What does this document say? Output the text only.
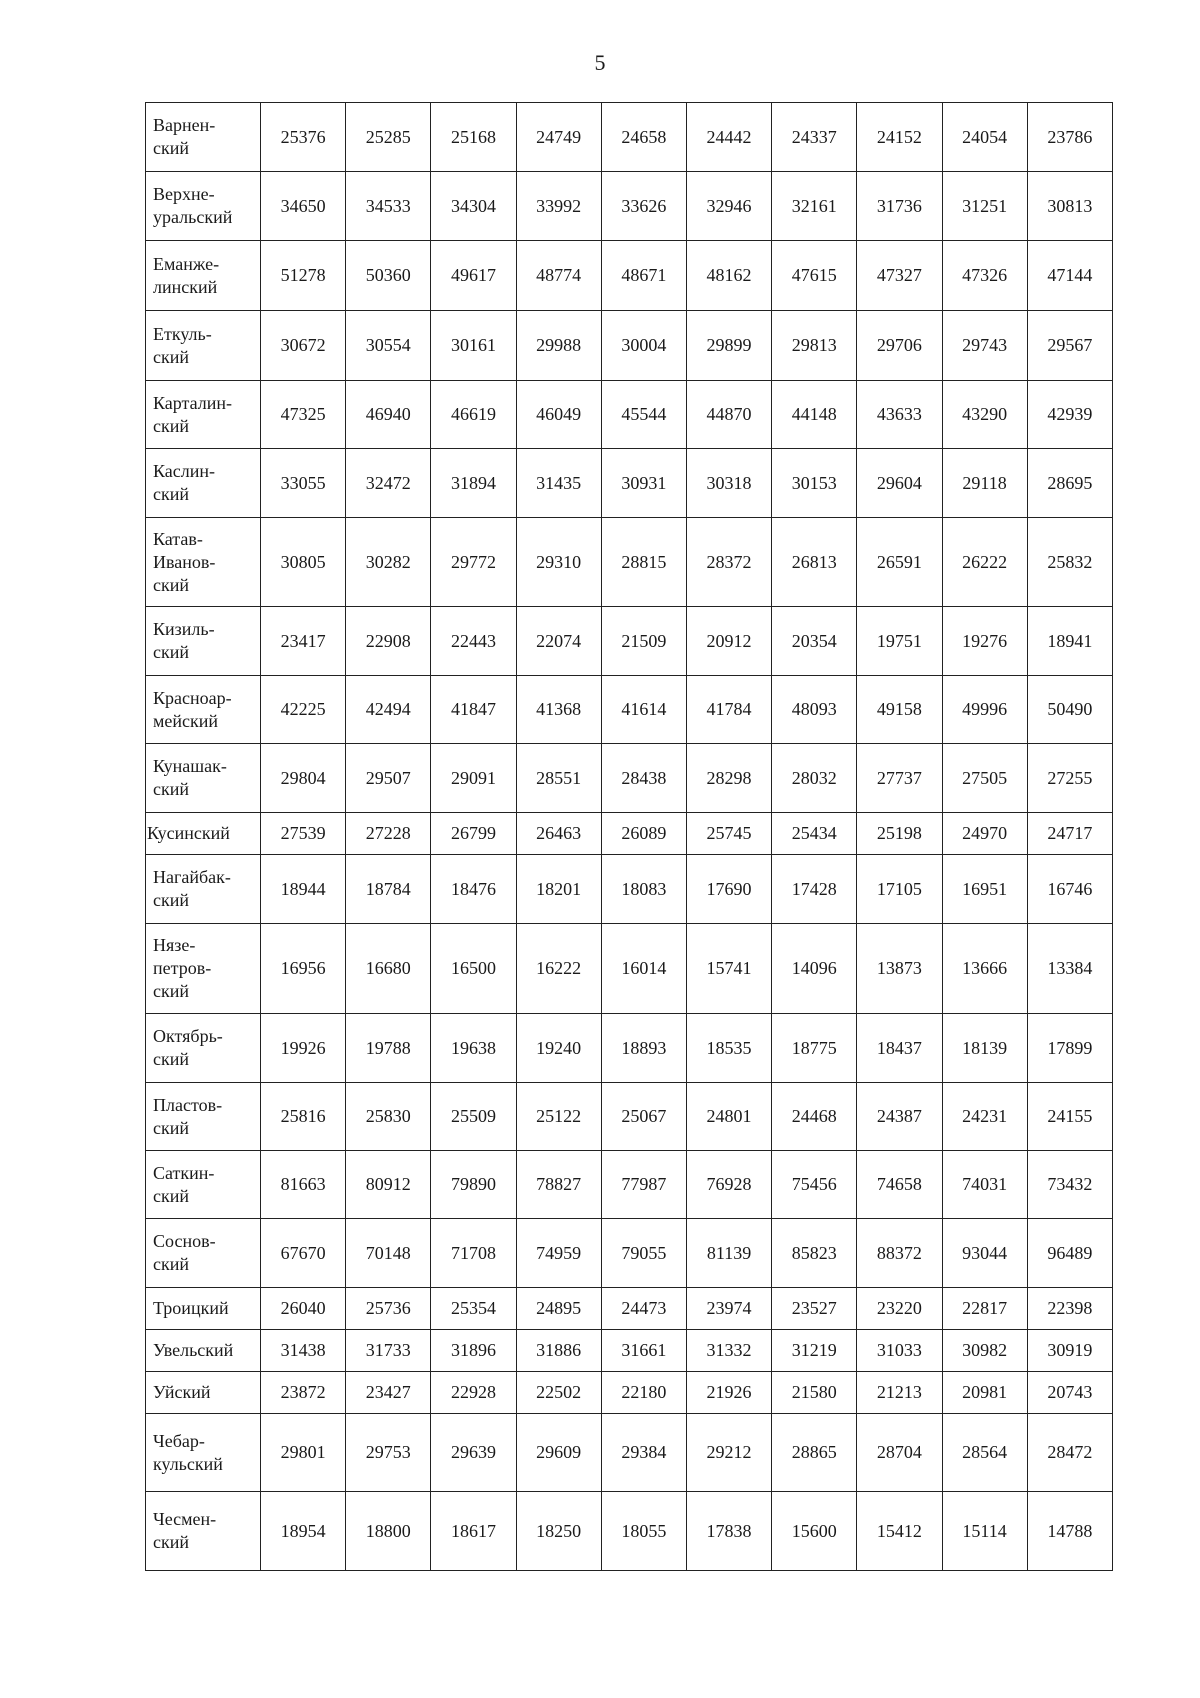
5
Варнен-
ский	25376	25285	25168	24749	24658	24442	24337	24152	24054	23786
Верхне-
уральский	34650	34533	34304	33992	33626	32946	32161	31736	31251	30813
Еманже-
линский	51278	50360	49617	48774	48671	48162	47615	47327	47326	47144
Еткуль-
ский	30672	30554	30161	29988	30004	29899	29813	29706	29743	29567
Карталин-
ский	47325	46940	46619	46049	45544	44870	44148	43633	43290	42939
Каслин-
ский	33055	32472	31894	31435	30931	30318	30153	29604	29118	28695
Катав-
Иванов-
ский	30805	30282	29772	29310	28815	28372	26813	26591	26222	25832
Кизиль-
ский	23417	22908	22443	22074	21509	20912	20354	19751	19276	18941
Красноар-
мейский	42225	42494	41847	41368	41614	41784	48093	49158	49996	50490
Кунашак-
ский	29804	29507	29091	28551	28438	28298	28032	27737	27505	27255
Кусинский	27539	27228	26799	26463	26089	25745	25434	25198	24970	24717
Нагайбак-
ский	18944	18784	18476	18201	18083	17690	17428	17105	16951	16746
Нязе-
петров-
ский	16956	16680	16500	16222	16014	15741	14096	13873	13666	13384
Октябрь-
ский	19926	19788	19638	19240	18893	18535	18775	18437	18139	17899
Пластов-
ский	25816	25830	25509	25122	25067	24801	24468	24387	24231	24155
Саткин-
ский	81663	80912	79890	78827	77987	76928	75456	74658	74031	73432
Соснов-
ский	67670	70148	71708	74959	79055	81139	85823	88372	93044	96489
Троицкий	26040	25736	25354	24895	24473	23974	23527	23220	22817	22398
Увельский	31438	31733	31896	31886	31661	31332	31219	31033	30982	30919
Уйский	23872	23427	22928	22502	22180	21926	21580	21213	20981	20743
Чебар-
кульский	29801	29753	29639	29609	29384	29212	28865	28704	28564	28472
Чесмен-
ский	18954	18800	18617	18250	18055	17838	15600	15412	15114	14788
